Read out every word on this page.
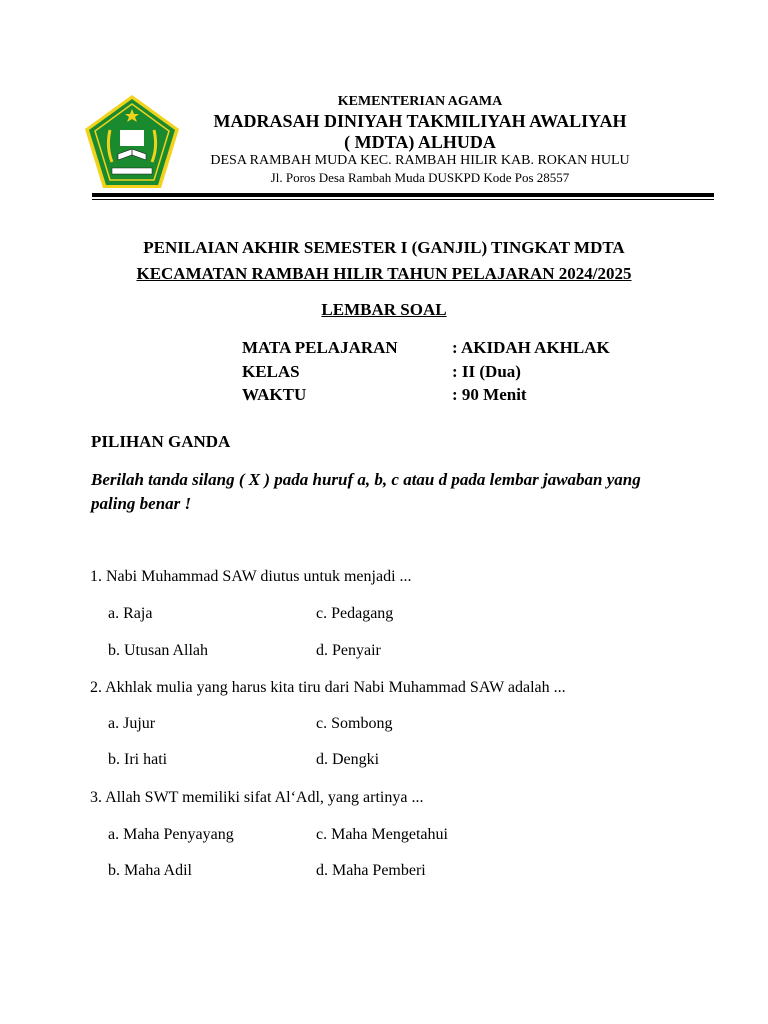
KEMENTERIAN AGAMA
MADRASAH DINIYAH TAKMILIYAH AWALIYAH
( MDTA) ALHUDA
DESA RAMBAH MUDA KEC. RAMBAH HILIR KAB. ROKAN HULU
Jl. Poros Desa Rambah Muda DUSKPD Kode Pos 28557
PENILAIAN AKHIR SEMESTER I (GANJIL) TINGKAT MDTA
KECAMATAN RAMBAH HILIR TAHUN PELAJARAN 2024/2025
LEMBAR SOAL
MATA PELAJARAN	: AKIDAH AKHLAK
KELAS	: II (Dua)
WAKTU	: 90 Menit
PILIHAN GANDA
Berilah tanda silang ( X ) pada huruf a, b, c atau d pada lembar jawaban yang paling benar !
1. Nabi Muhammad SAW diutus untuk menjadi ...
a. Raja	c. Pedagang
b. Utusan Allah	d. Penyair
2. Akhlak mulia yang harus kita tiru dari Nabi Muhammad SAW adalah ...
a. Jujur	c. Sombong
b. Iri hati	d. Dengki
3. Allah SWT memiliki sifat Al‘Adl, yang artinya ...
a. Maha Penyayang	c. Maha Mengetahui
b. Maha Adil	d. Maha Pemberi
